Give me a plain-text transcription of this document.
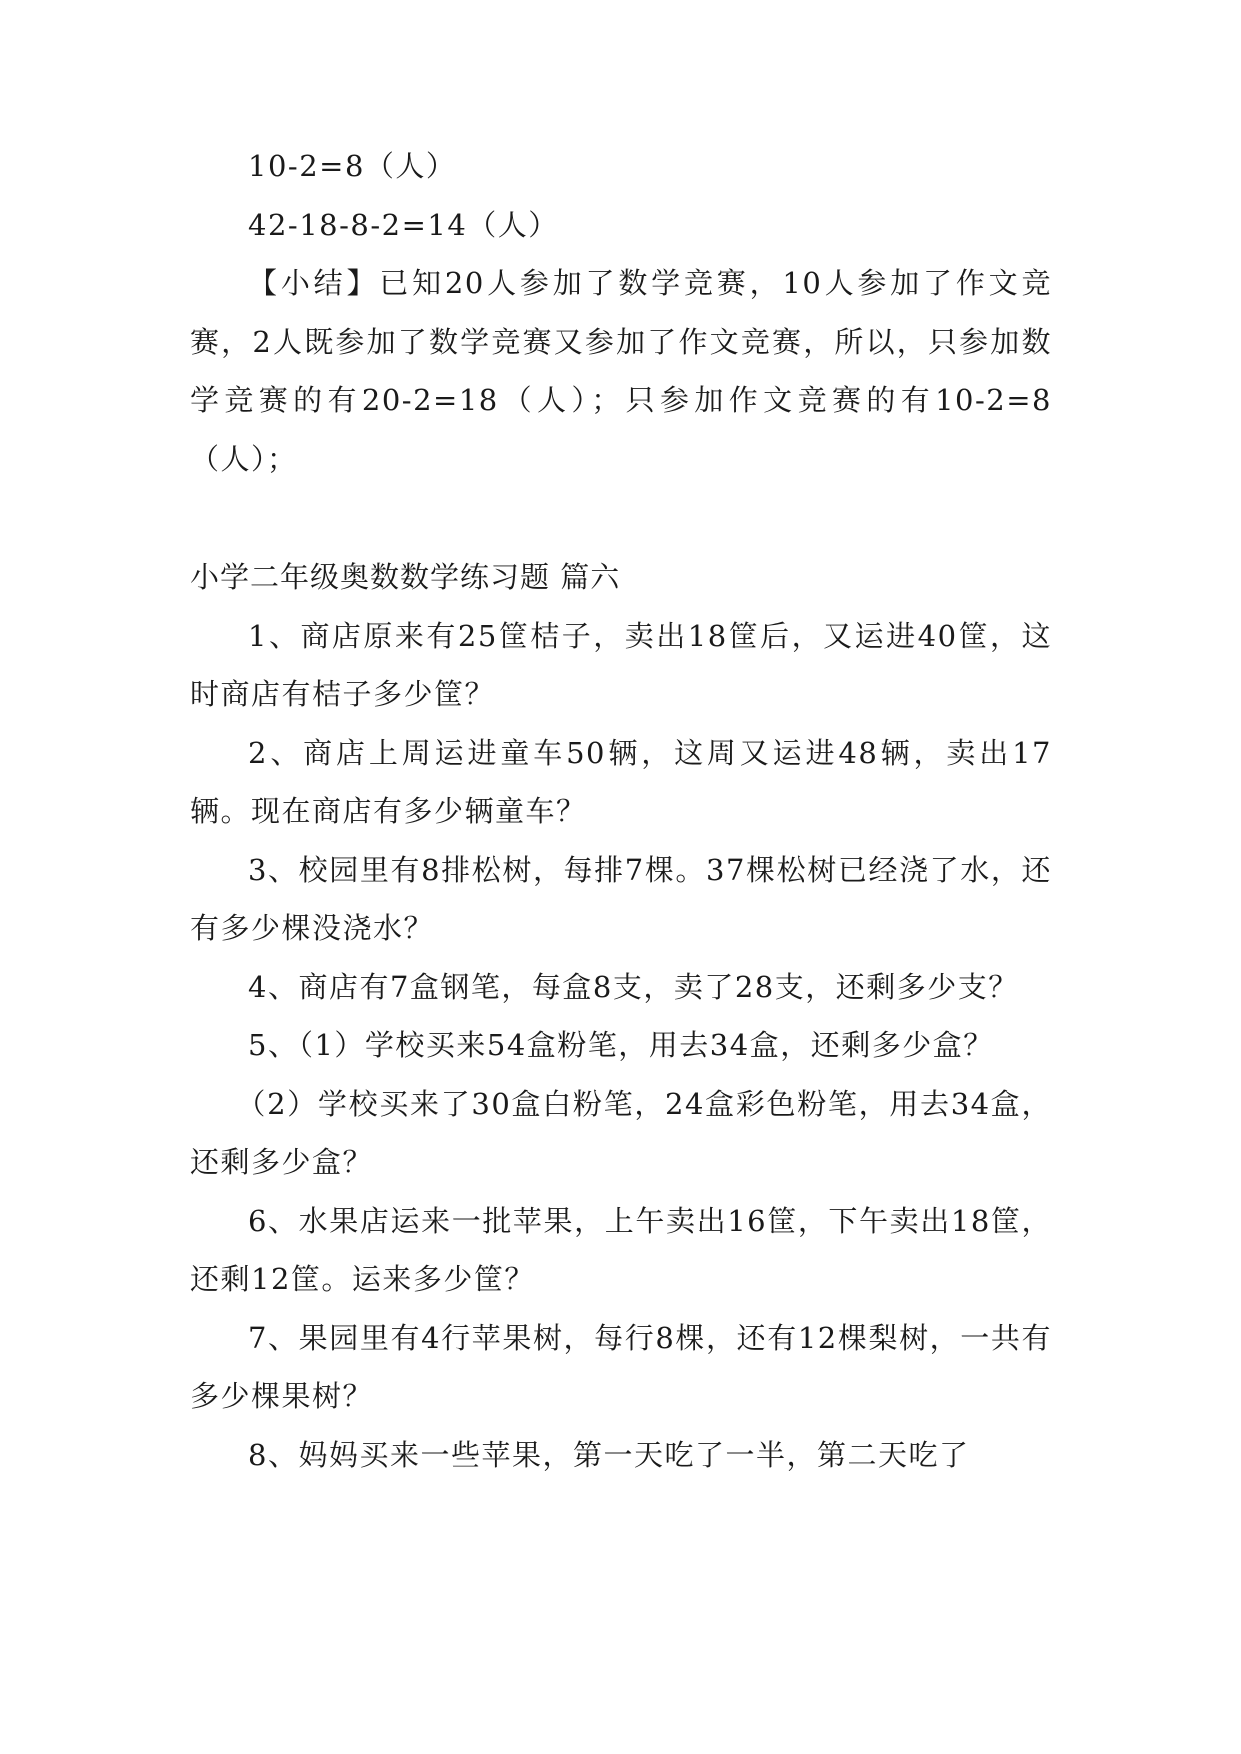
10-2=8（人）

42-18-8-2=14（人）

【小结】已知20人参加了数学竞赛，10人参加了作文竞赛，2人既参加了数学竞赛又参加了作文竞赛，所以，只参加数学竞赛的有20-2=18（人）；只参加作文竞赛的有10-2=8（人）；

小学二年级奥数数学练习题 篇六

1、商店原来有25筐桔子，卖出18筐后，又运进40筐，这时商店有桔子多少筐？

2、商店上周运进童车50辆，这周又运进48辆，卖出17辆。现在商店有多少辆童车？

3、校园里有8排松树，每排7棵。37棵松树已经浇了水，还有多少棵没浇水？

4、商店有7盒钢笔，每盒8支，卖了28支，还剩多少支？

5、（1）学校买来54盒粉笔，用去34盒，还剩多少盒？

（2）学校买来了30盒白粉笔，24盒彩色粉笔，用去34盒，还剩多少盒？

6、水果店运来一批苹果，上午卖出16筐，下午卖出18筐，还剩12筐。运来多少筐？

7、果园里有4行苹果树，每行8棵，还有12棵梨树，一共有多少棵果树？

8、妈妈买来一些苹果，第一天吃了一半，第二天吃了
